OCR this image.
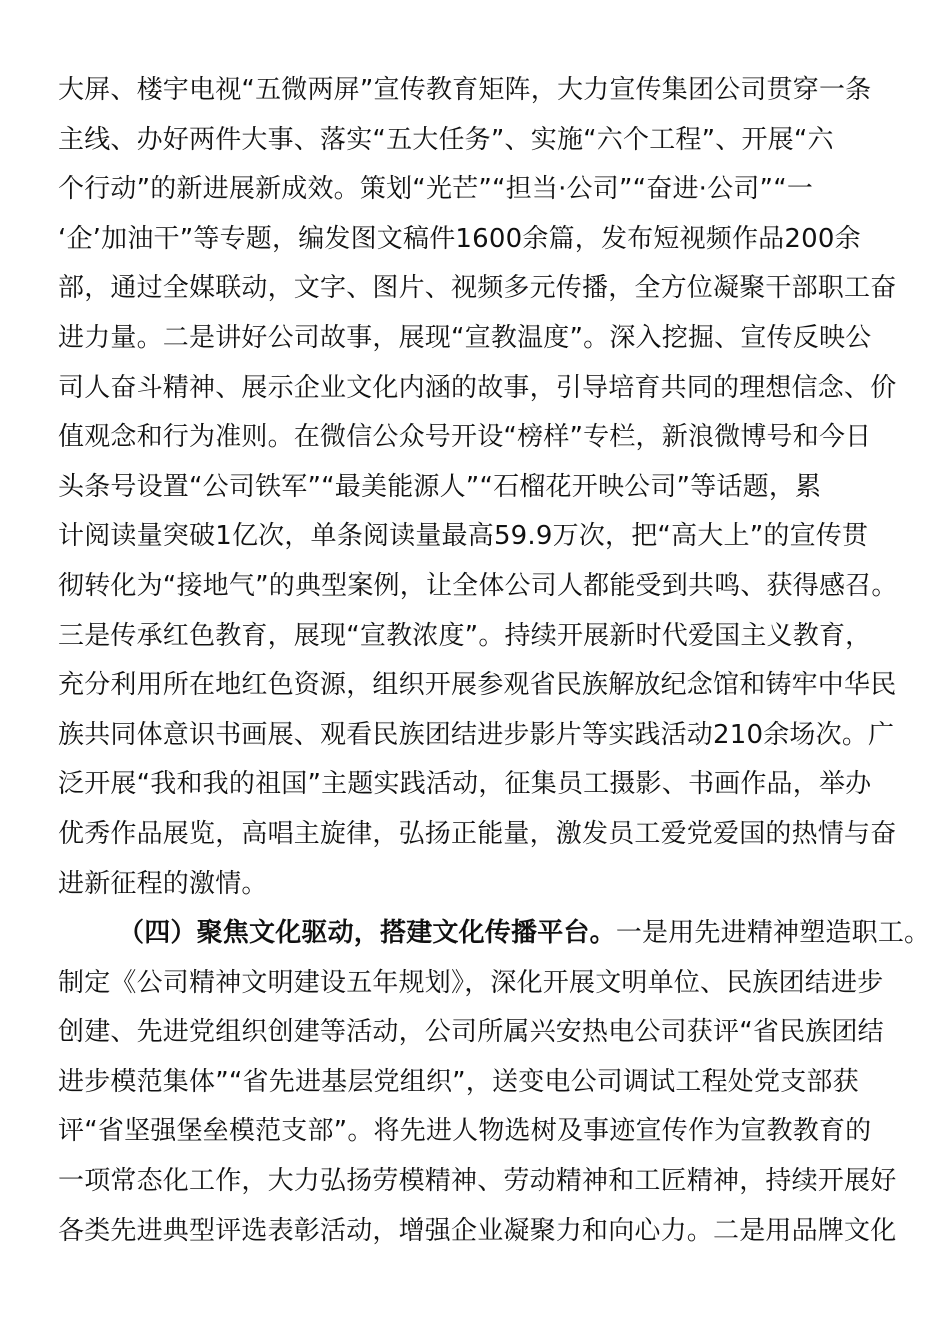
大屏、楼宇电视“五微两屏”宣传教育矩阵，大力宣传集团公司贯穿一条
主线、办好两件大事、落实“五大任务”、实施“六个工程”、开展“六
个行动”的新进展新成效。策划“光芒”“担当·公司”“奋进·公司”“一
‘企’加油干”等专题，编发图文稿件1600余篇，发布短视频作品200余
部，通过全媒联动，文字、图片、视频多元传播，全方位凝聚干部职工奋
进力量。二是讲好公司故事，展现“宣教温度”。深入挖掘、宣传反映公
司人奋斗精神、展示企业文化内涵的故事，引导培育共同的理想信念、价
值观念和行为准则。在微信公众号开设“榜样”专栏，新浪微博号和今日
头条号设置“公司铁军”“最美能源人”“石榴花开映公司”等话题，累
计阅读量突破1亿次，单条阅读量最高59.9万次，把“高大上”的宣传贯
彻转化为“接地气”的典型案例，让全体公司人都能受到共鸣、获得感召。
三是传承红色教育，展现“宣教浓度”。持续开展新时代爱国主义教育，
充分利用所在地红色资源，组织开展参观省民族解放纪念馆和铸牢中华民
族共同体意识书画展、观看民族团结进步影片等实践活动210余场次。广
泛开展“我和我的祖国”主题实践活动，征集员工摄影、书画作品，举办
优秀作品展览，高唱主旋律，弘扬正能量，激发员工爱党爱国的热情与奋
进新征程的激情。
（四）聚焦文化驱动，搭建文化传播平台。一是用先进精神塑造职工。
制定《公司精神文明建设五年规划》，深化开展文明单位、民族团结进步
创建、先进党组织创建等活动，公司所属兴安热电公司获评“省民族团结
进步模范集体”“省先进基层党组织”，送变电公司调试工程处党支部获
评“省坚强堡垒模范支部”。将先进人物选树及事迹宣传作为宣教教育的
一项常态化工作，大力弘扬劳模精神、劳动精神和工匠精神，持续开展好
各类先进典型评选表彰活动，增强企业凝聚力和向心力。二是用品牌文化
